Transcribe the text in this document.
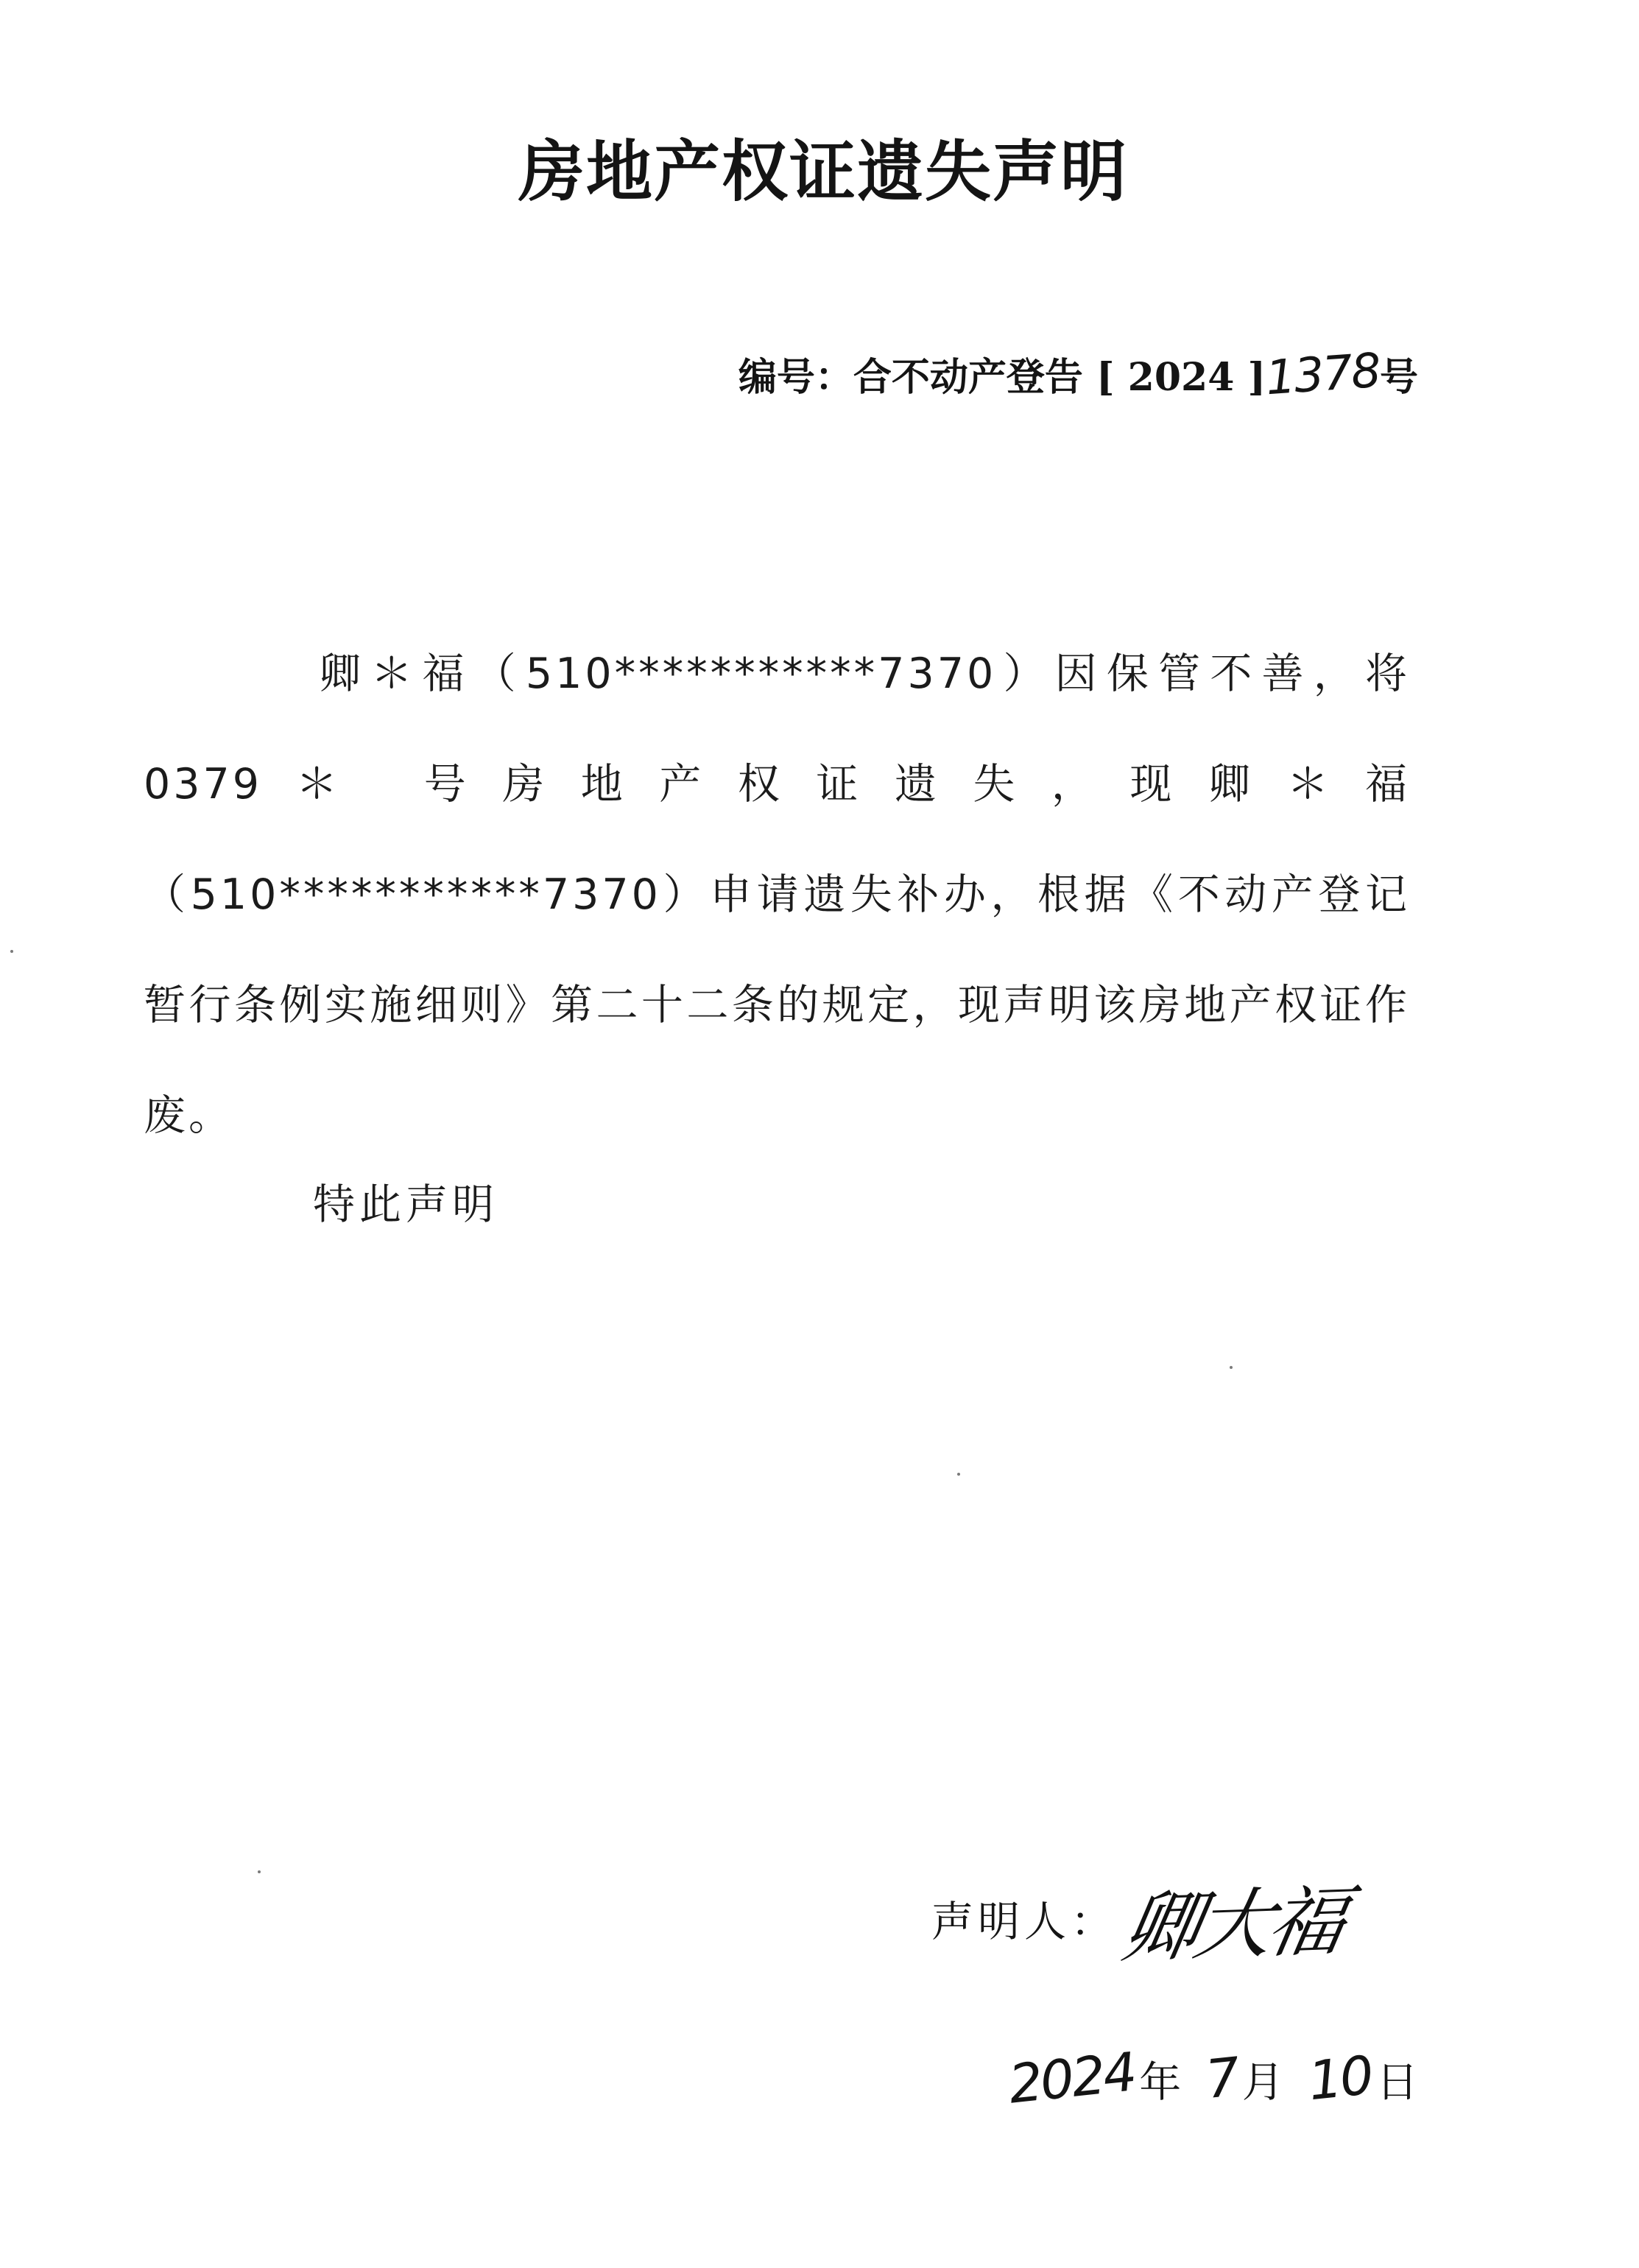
房地产权证遗失声明
编号：合不动产登告 [ 2024 ]1378号
卿＊福（510***********7370）因保管不善，将0379＊ 号房地产权证遗失，现卿＊福（510***********7370）申请遗失补办，根据《不动产登记暂行条例实施细则》第二十二条的规定，现声明该房地产权证作废。
特此声明
声明人： 卿大福
2024年 7月 10日
